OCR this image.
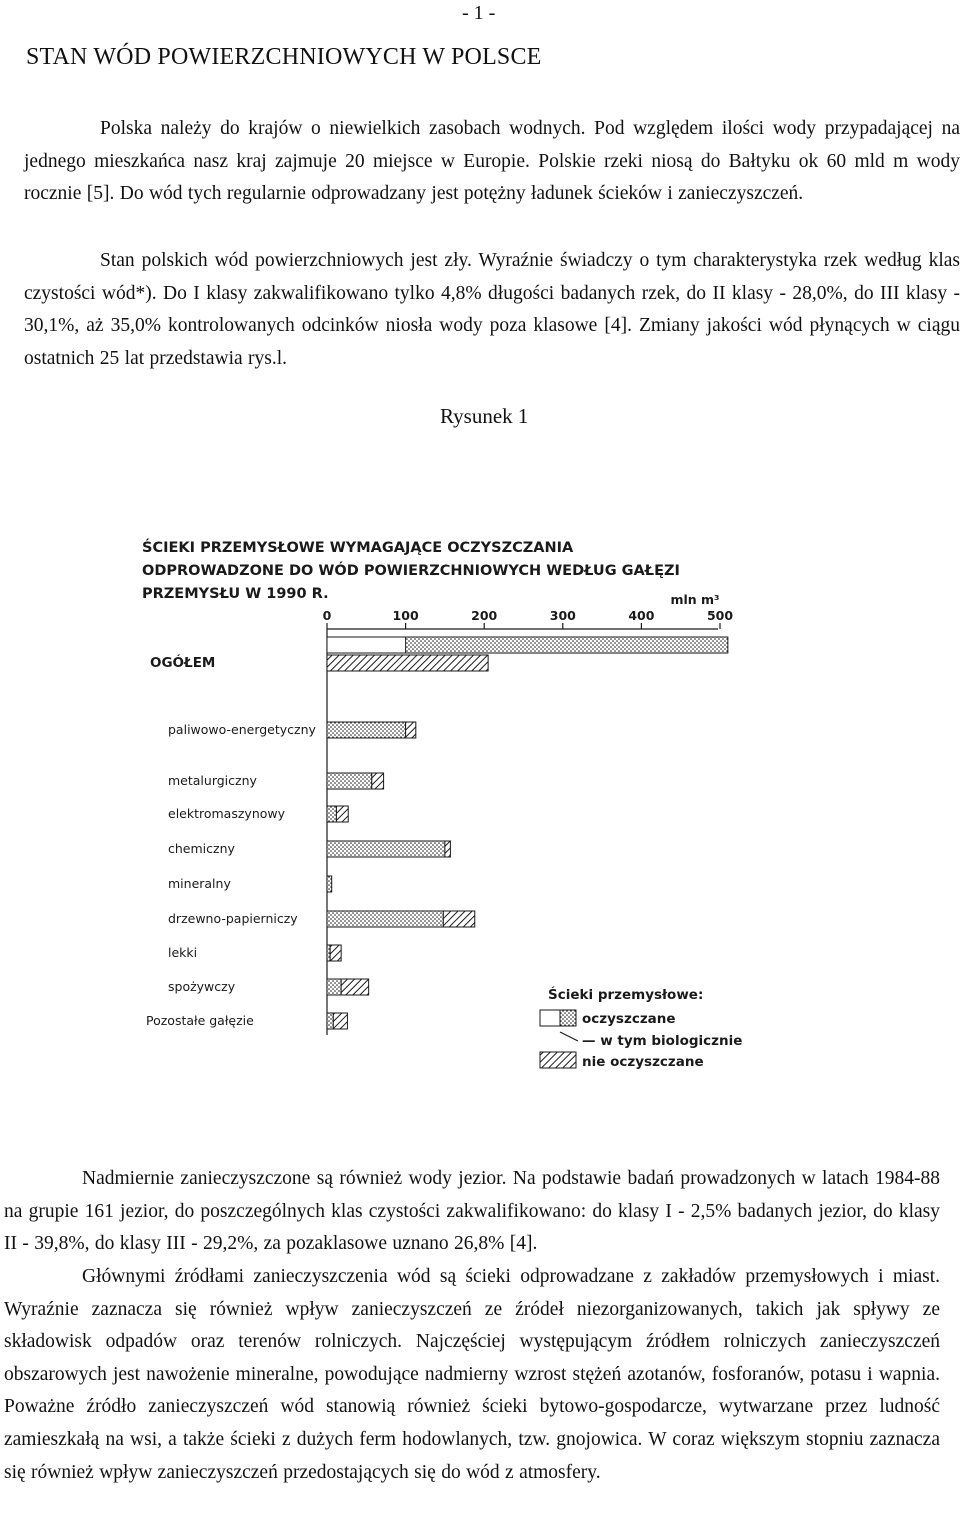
- 1 -
STAN WÓD POWIERZCHNIOWYCH W POLSCE

Polska należy do krajów o niewielkich zasobach wodnych. Pod względem ilości wody przypadającej na jednego mieszkańca nasz kraj zajmuje 20 miejsce w Europie. Polskie rzeki niosą do Bałtyku ok 60 mld m wody rocznie [5]. Do wód tych regularnie odprowadzany jest potężny ładunek ścieków i zanieczyszczeń.

Stan polskich wód powierzchniowych jest zły. Wyraźnie świadczy o tym charakterystyka rzek według klas czystości wód*). Do I klasy zakwalifikowano tylko 4,8% długości badanych rzek, do II klasy - 28,0%, do III klasy - 30,1%, aż 35,0% kontrolowanych odcinków niosła wody poza klasowe [4]. Zmiany jakości wód płynących w ciągu ostatnich 25 lat przedstawia rys.l.

Rysunek 1
ŚCIEKI PRZEMYSŁOWE WYMAGAJĄCE OCZYSZCZANIA
ODPROWADZONE DO WÓD POWIERZCHNIOWYCH WEDŁUG GAŁĘZI
PRZEMYSŁU W 1990 R.	mln m³
0	100	200	300	400	500
OGÓŁEM
paliwowo-energetyczny
metalurgiczny
elektromaszynowy
chemiczny
mineralny
drzewno-papierniczy
lekki
spożywczy
Pozostałe gałęzie
Ścieki przemysłowe:
oczyszczane
— w tym biologicznie
nie oczyszczane

Nadmiernie zanieczyszczone są również wody jezior. Na podstawie badań prowadzonych w latach 1984-88 na grupie 161 jezior, do poszczególnych klas czystości zakwalifikowano: do klasy I - 2,5% badanych jezior, do klasy II - 39,8%, do klasy III - 29,2%, za pozaklasowe uznano 26,8% [4].

Głównymi źródłami zanieczyszczenia wód są ścieki odprowadzane z zakładów przemysłowych i miast. Wyraźnie zaznacza się również wpływ zanieczyszczeń ze źródeł niezorganizowanych, takich jak spływy ze składowisk odpadów oraz terenów rolniczych. Najczęściej występującym źródłem rolniczych zanieczyszczeń obszarowych jest nawożenie mineralne, powodujące nadmierny wzrost stężeń azotanów, fosforanów, potasu i wapnia. Poważne źródło zanieczyszczeń wód stanowią również ścieki bytowo-gospodarcze, wytwarzane przez ludność zamieszkałą na wsi, a także ścieki z dużych ferm hodowlanych, tzw. gnojowica. W coraz większym stopniu zaznacza się również wpływ zanieczyszczeń przedostających się do wód z atmosfery.
